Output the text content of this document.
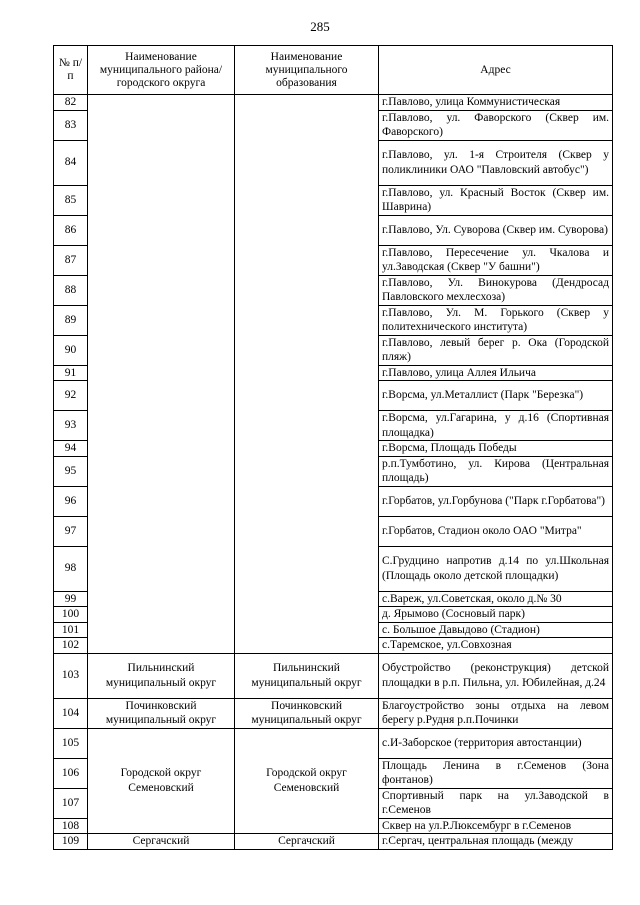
285
№ п/п	Наименование муниципального района/ городского округа	Наименование муниципального образования	Адрес
82			г.Павлово, улица Коммунистическая
83			г.Павлово, ул. Фаворского (Сквер им. Фаворского)
84			г.Павлово, ул. 1-я Строителя (Сквер у поликлиники ОАО "Павловский автобус")
85			г.Павлово, ул. Красный Восток (Сквер им. Шаврина)
86			г.Павлово, Ул. Суворова (Сквер им. Суворова)
87			г.Павлово, Пересечение ул. Чкалова и ул.Заводская (Сквер "У башни")
88			г.Павлово, Ул. Винокурова (Дендросад Павловского мехлесхоза)
89			г.Павлово, Ул. М. Горького (Сквер у политехнического института)
90			г.Павлово, левый берег р. Ока (Городской пляж)
91			г.Павлово, улица Аллея Ильича
92			г.Ворсма, ул.Металлист (Парк "Березка")
93			г.Ворсма, ул.Гагарина, у д.16 (Спортивная площадка)
94			г.Ворсма, Площадь Победы
95			р.п.Тумботино, ул. Кирова (Центральная площадь)
96			г.Горбатов, ул.Горбунова ("Парк г.Горбатова")
97			г.Горбатов, Стадион около ОАО "Митра"
98			С.Грудцино напротив д.14 по ул.Школьная (Площадь около детской площадки)
99			с.Вареж, ул.Советская, около д.№ 30
100			д. Ярымово (Сосновый парк)
101			с. Большое Давыдово (Стадион)
102			с.Таремское, ул.Совхозная
103	Пильнинский муниципальный округ	Пильнинский муниципальный округ	Обустройство (реконструкция) детской площадки в р.п. Пильна, ул. Юбилейная, д.24
104	Починковский муниципальный округ	Починковский муниципальный округ	Благоустройство зоны отдыха на левом берегу р.Рудня р.п.Починки
105	Городской округ Семеновский	Городской округ Семеновский	с.И-Заборское (территория автостанции)
106			Площадь Ленина в г.Семенов (Зона фонтанов)
107			Спортивный парк на ул.Заводской в г.Семенов
108			Сквер на ул.Р.Люксембург в г.Семенов
109	Сергачский	Сергачский	г.Сергач, центральная площадь (между
